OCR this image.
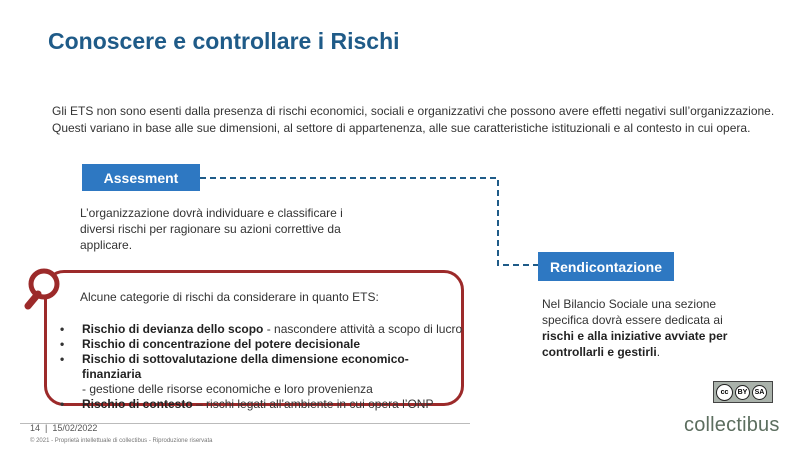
Conoscere e controllare i Rischi
Gli ETS non sono esenti dalla presenza di rischi economici, sociali e organizzativi che possono avere effetti negativi sull’organizzazione.
Questi variano in base alle sue dimensioni, al settore di appartenenza, alle sue caratteristiche istituzionali e al contesto in cui opera.
Assesment
L’organizzazione dovrà individuare e classificare i diversi rischi per ragionare su azioni correttive da applicare.
Rendicontazione
Nel Bilancio Sociale una sezione specifica dovrà essere dedicata ai rischi e alla iniziative avviate per controllarli e gestirli.
Alcune categorie di rischi da considerare in quanto ETS:
• Rischio di devianza dello scopo - nascondere attività a scopo di lucro
• Rischio di concentrazione del potere decisionale
• Rischio di sottovalutazione della dimensione economico-finanziaria
- gestione delle risorse economiche e loro provenienza
• Rischio di contesto – rischi legati all’ambiente in cui opera l’ONP
14 | 15/02/2022
© 2021 - Proprietà intellettuale di collectibus - Riproduzione riservata
cc	BY	SA
collectibus
